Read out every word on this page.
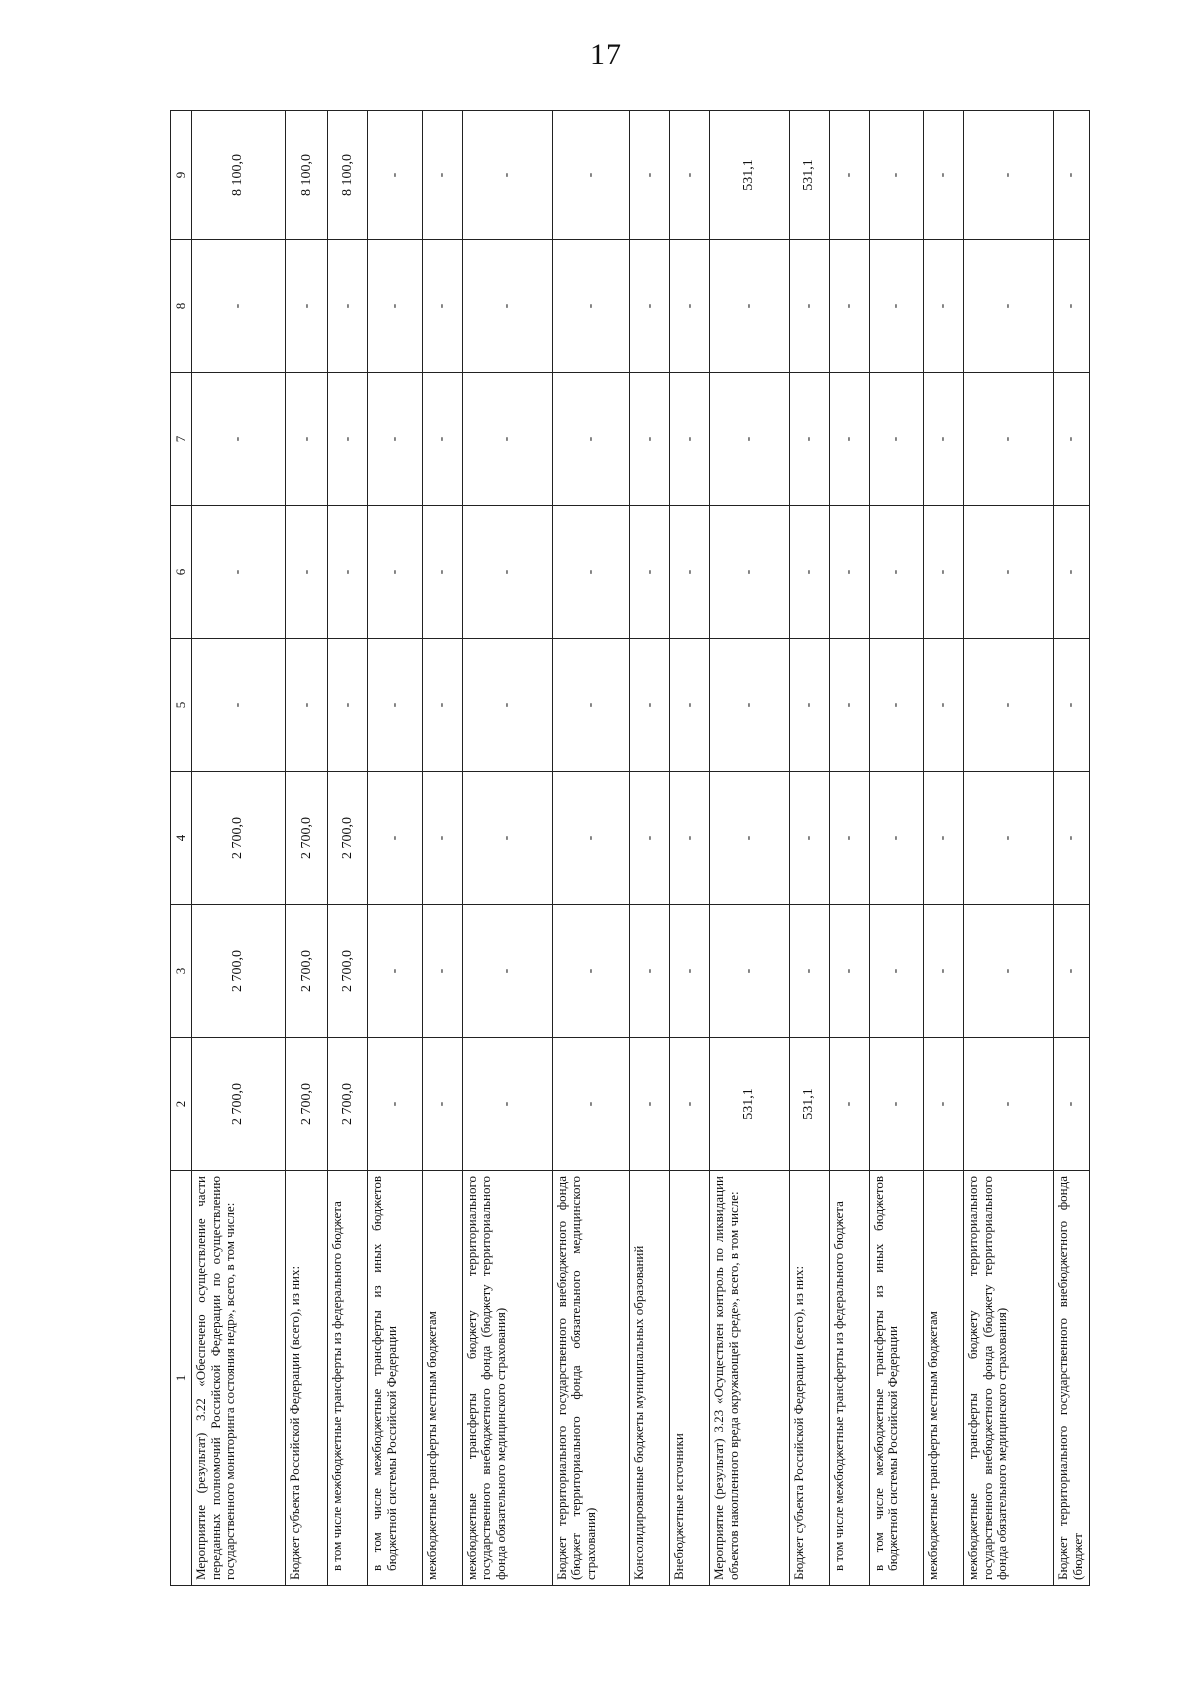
17
1	2	3	4	5	6	7	8	9
Мероприятие (результат) 3.22 «Обеспечено осуществление части переданных полномочий Российской Федерации по осуществлению государственного мониторинга состояния недр», всего, в том числе:	2 700,0	2 700,0	2 700,0	-	-	-	-	8 100,0
Бюджет субъекта Российской Федерации (всего), из них:	2 700,0	2 700,0	2 700,0	-	-	-	-	8 100,0
в том числе межбюджетные трансферты из федерального бюджета	2 700,0	2 700,0	2 700,0	-	-	-	-	8 100,0
в том числе межбюджетные трансферты из иных бюджетов бюджетной системы Российской Федерации	-	-	-	-	-	-	-	-
межбюджетные трансферты местным бюджетам	-	-	-	-	-	-	-	-
межбюджетные трансферты бюджету территориального государственного внебюджетного фонда (бюджету территориального фонда обязательного медицинского страхования)	-	-	-	-	-	-	-	-
Бюджет территориального государственного внебюджетного фонда (бюджет территориального фонда обязательного медицинского страхования)	-	-	-	-	-	-	-	-
Консолидированные бюджеты муниципальных образований	-	-	-	-	-	-	-	-
Внебюджетные источники	-	-	-	-	-	-	-	-
Мероприятие (результат) 3.23 «Осуществлен контроль по ликвидации объектов накопленного вреда окружающей среде», всего, в том числе:	531,1	-	-	-	-	-	-	531,1
Бюджет субъекта Российской Федерации (всего), из них:	531,1	-	-	-	-	-	-	531,1
в том числе межбюджетные трансферты из федерального бюджета	-	-	-	-	-	-	-	-
в том числе межбюджетные трансферты из иных бюджетов бюджетной системы Российской Федерации	-	-	-	-	-	-	-	-
межбюджетные трансферты местным бюджетам	-	-	-	-	-	-	-	-
межбюджетные трансферты бюджету территориального государственного внебюджетного фонда (бюджету территориального фонда обязательного медицинского страхования)	-	-	-	-	-	-	-	-
Бюджет территориального государственного внебюджетного фонда (бюджет	-	-	-	-	-	-	-	-
